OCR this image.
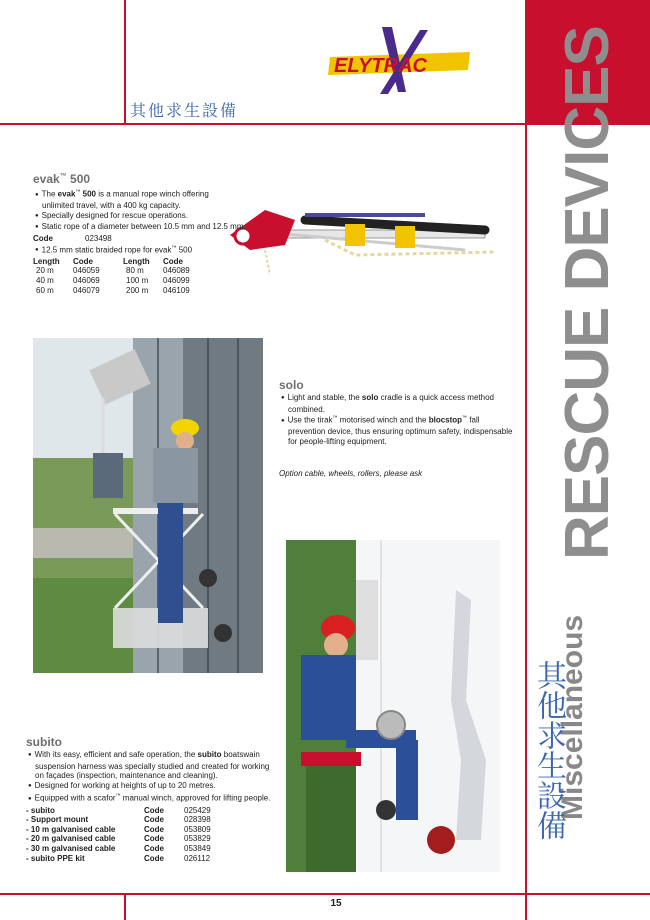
ELYTRAC
其他求生設備
Miscellaneous
RESCUE DEVICES
其他求生設備
evak™ 500

● The evak™ 500 is a manual rope winch offering unlimited travel, with a 400 kg capacity.

● Specially designed for rescue operations.

● Static rope of a diameter between 10.5 mm and 12.5 mm.

Code	023498

● 12.5 mm static braided rope for evak™ 500

Length	Code	Length	Code
20 m	046059	80 m	046089
40 m	046069	100 m	046099
60 m	046079	200 m	046109
solo

● Light and stable, the solo cradle is a quick access method combined.

● Use the tirak™ motorised winch and the blocstop™ fall prevention device, thus ensuring optimum safety, indispensable for people-lifting equipment.

Option cable, wheels, rollers, please ask
subito

● With its easy, efficient and safe operation, the subito boatswain suspension harness was specially studied and created for working on façades (inspection, maintenance and cleaning).

● Designed for working at heights of up to 20 metres.

● Equipped with a scafor™ manual winch, approved for lifting people.

- subito	Code	025429
- Support mount	Code	028398
- 10 m galvanised cable	Code	053809
- 20 m galvanised cable	Code	053829
- 30 m galvanised cable	Code	053849
- subito PPE kit	Code	026112
15
